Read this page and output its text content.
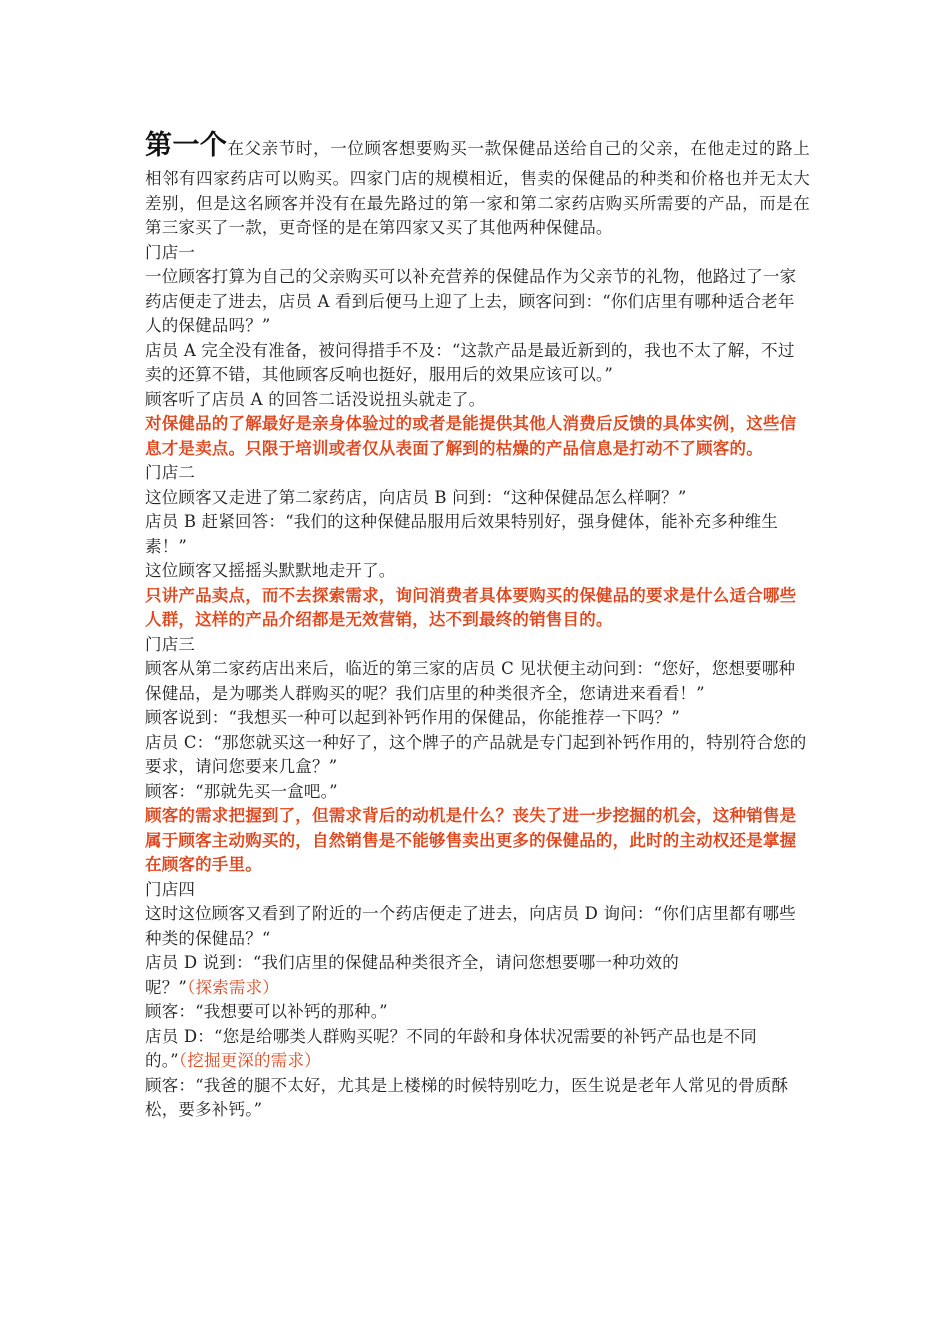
第一个在父亲节时，一位顾客想要购买一款保健品送给自己的父亲，在他走过的路上相邻有四家药店可以购买。四家门店的规模相近，售卖的保健品的种类和价格也并无太大差别，但是这名顾客并没有在最先路过的第一家和第二家药店购买所需要的产品，而是在第三家买了一款，更奇怪的是在第四家又买了其他两种保健品。

门店一

一位顾客打算为自己的父亲购买可以补充营养的保健品作为父亲节的礼物，他路过了一家药店便走了进去，店员 A 看到后便马上迎了上去，顾客问到：“你们店里有哪种适合老年人的保健品吗？”

店员 A 完全没有准备，被问得措手不及：“这款产品是最近新到的，我也不太了解，不过卖的还算不错，其他顾客反响也挺好，服用后的效果应该可以。”

顾客听了店员 A 的回答二话没说扭头就走了。

对保健品的了解最好是亲身体验过的或者是能提供其他人消费后反馈的具体实例，这些信息才是卖点。只限于培训或者仅从表面了解到的枯燥的产品信息是打动不了顾客的。

门店二

这位顾客又走进了第二家药店，向店员 B 问到：“这种保健品怎么样啊？”

店员 B 赶紧回答：“我们的这种保健品服用后效果特别好，强身健体，能补充多种维生素！”

这位顾客又摇摇头默默地走开了。

只讲产品卖点，而不去探索需求，询问消费者具体要购买的保健品的要求是什么适合哪些人群，这样的产品介绍都是无效营销，达不到最终的销售目的。

门店三

顾客从第二家药店出来后，临近的第三家的店员 C 见状便主动问到：“您好，您想要哪种保健品，是为哪类人群购买的呢？我们店里的种类很齐全，您请进来看看！”

顾客说到：“我想买一种可以起到补钙作用的保健品，你能推荐一下吗？”

店员 C：“那您就买这一种好了，这个牌子的产品就是专门起到补钙作用的，特别符合您的要求，请问您要来几盒？”

顾客：“那就先买一盒吧。”

顾客的需求把握到了，但需求背后的动机是什么？丧失了进一步挖掘的机会，这种销售是属于顾客主动购买的，自然销售是不能够售卖出更多的保健品的，此时的主动权还是掌握在顾客的手里。

门店四

这时这位顾客又看到了附近的一个药店便走了进去，向店员 D 询问：“你们店里都有哪些种类的保健品？“

店员 D 说到：“我们店里的保健品种类很齐全，请问您想要哪一种功效的呢？”（探索需求）

顾客：“我想要可以补钙的那种。”

店员 D：“您是给哪类人群购买呢？不同的年龄和身体状况需要的补钙产品也是不同的。”（挖掘更深的需求）

顾客：“我爸的腿不太好，尤其是上楼梯的时候特别吃力，医生说是老年人常见的骨质酥松，要多补钙。”
